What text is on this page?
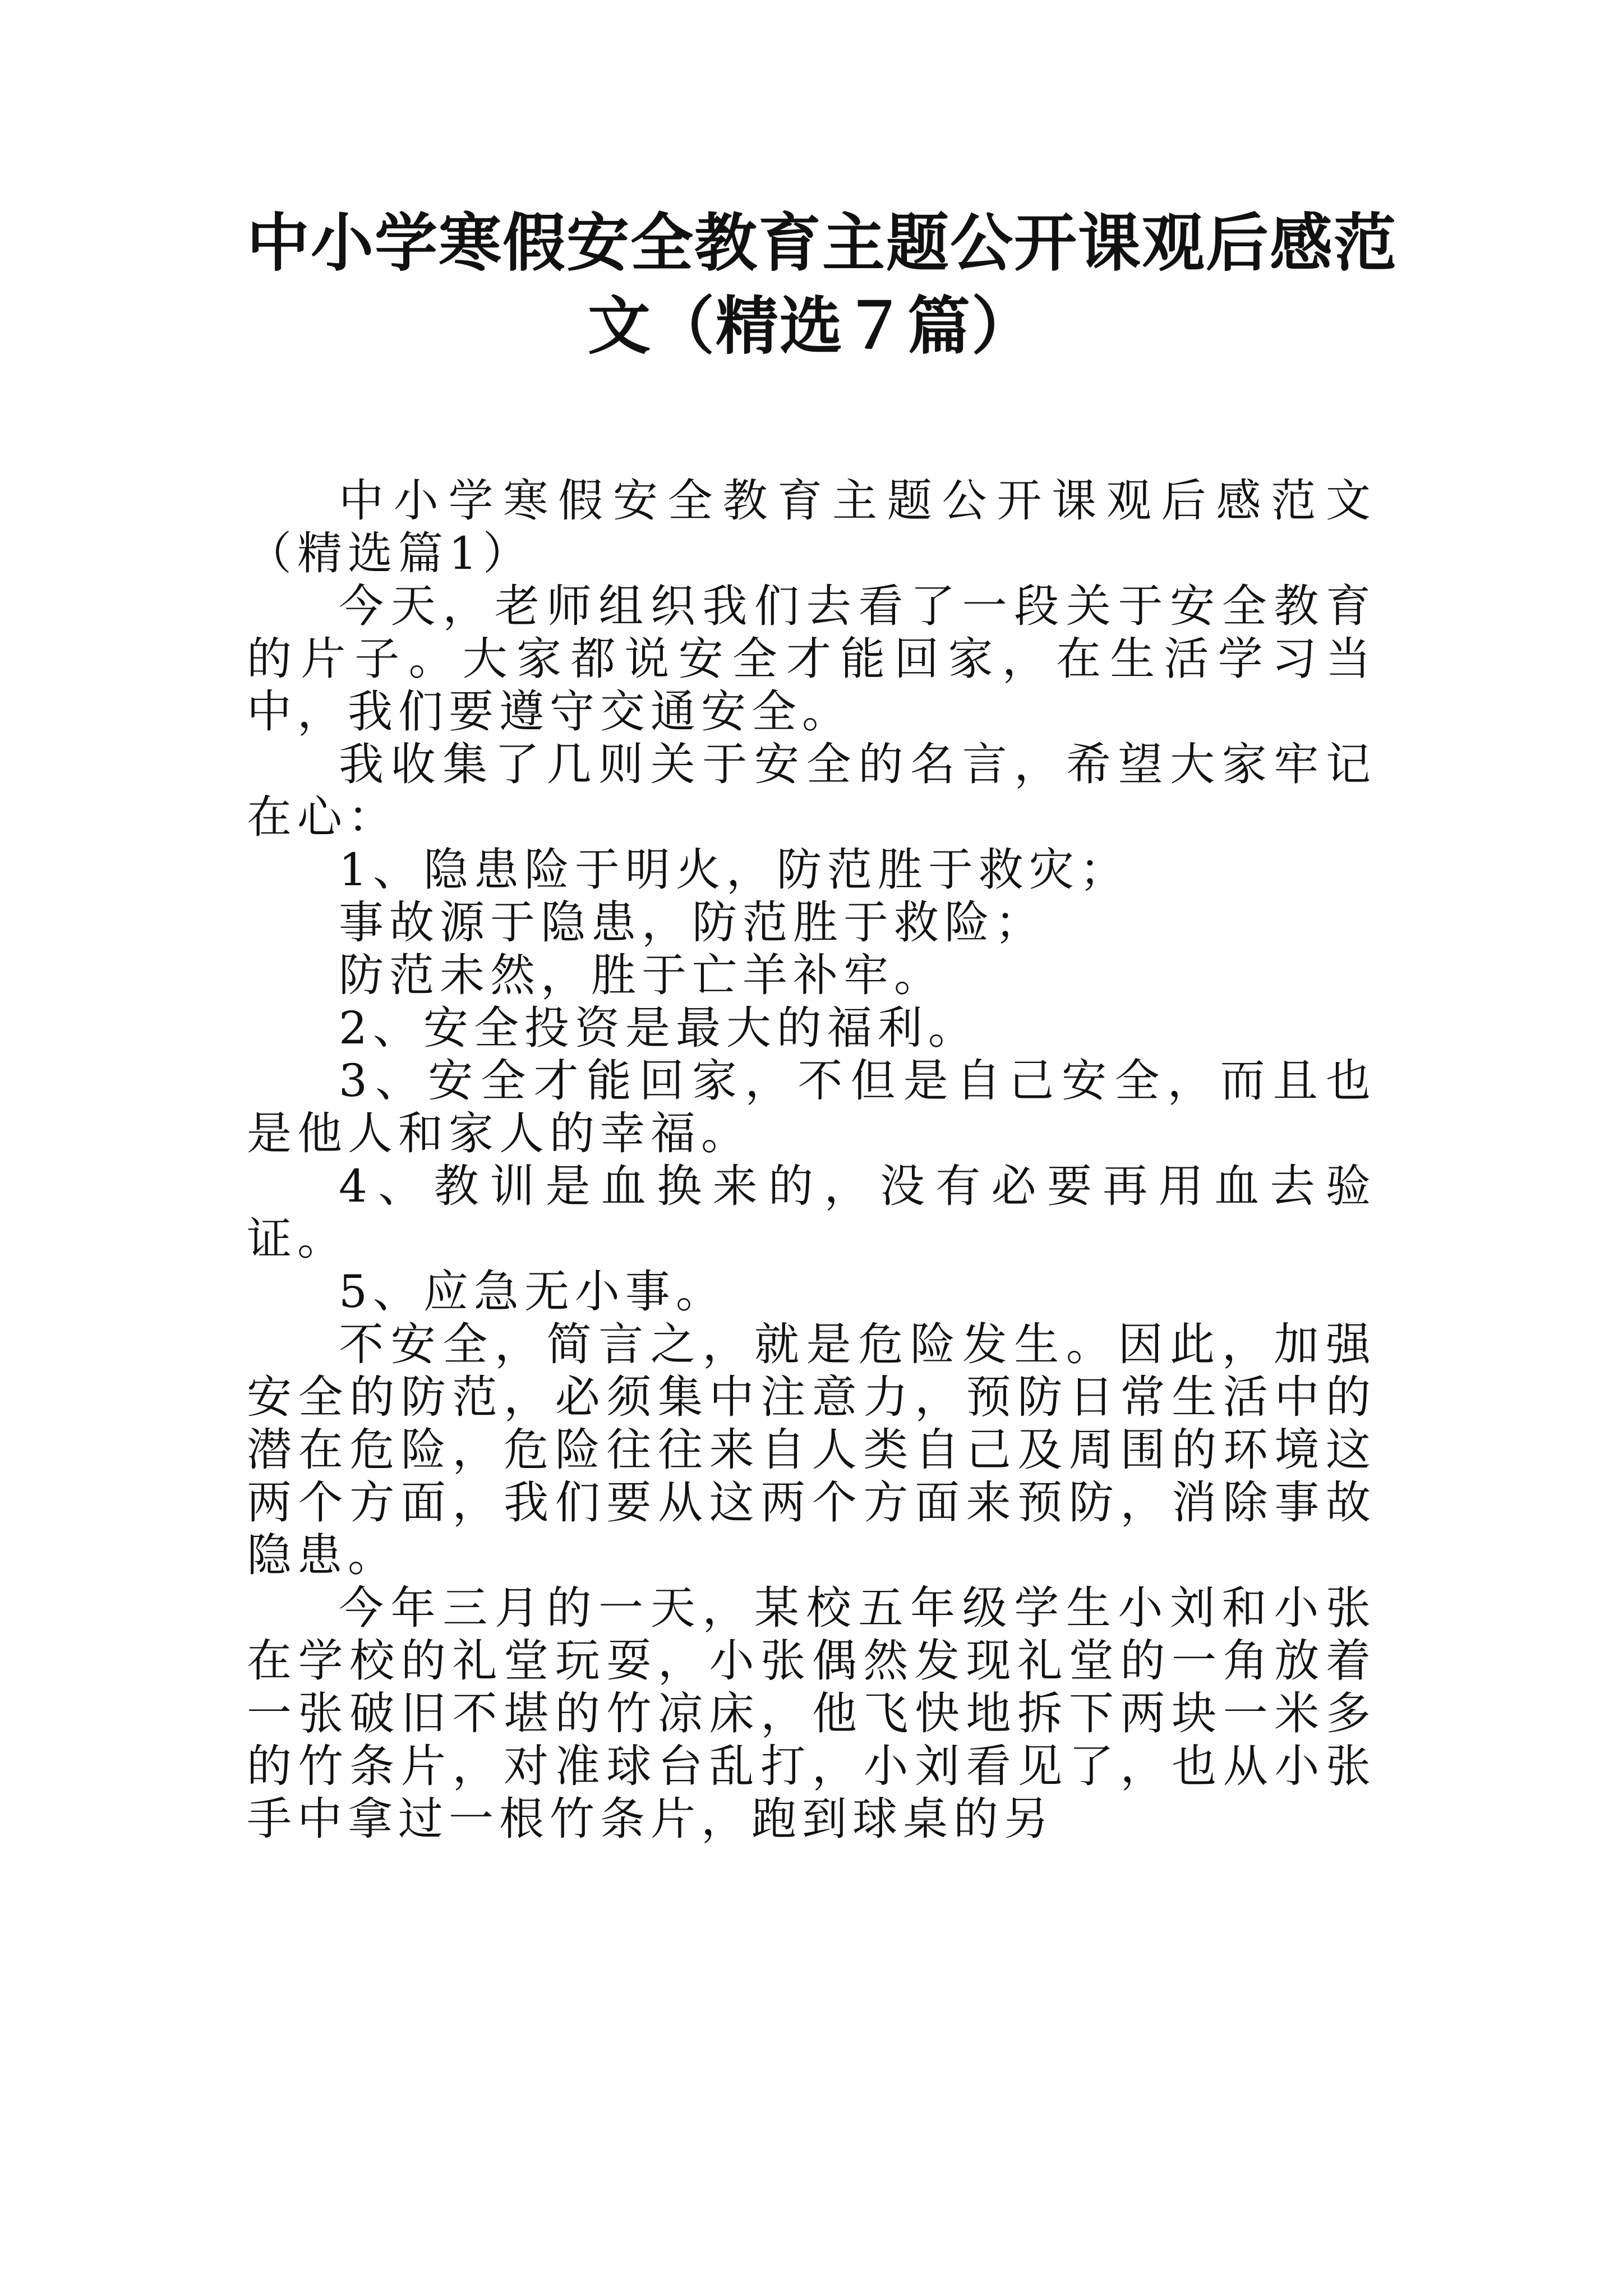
中小学寒假安全教育主题公开课观后感范
文（精选７篇）

中小学寒假安全教育主题公开课观后感范文（精选篇1）

今天，老师组织我们去看了一段关于安全教育的片子。大家都说安全才能回家，在生活学习当中，我们要遵守交通安全。

我收集了几则关于安全的名言，希望大家牢记在心：

1、隐患险于明火，防范胜于救灾；

事故源于隐患，防范胜于救险；

防范未然，胜于亡羊补牢。

2、安全投资是最大的福利。

3、安全才能回家，不但是自己安全，而且也是他人和家人的幸福。

4、教训是血换来的，没有必要再用血去验证。

5、应急无小事。

不安全，简言之，就是危险发生。因此，加强安全的防范，必须集中注意力，预防日常生活中的潜在危险，危险往往来自人类自己及周围的环境这两个方面，我们要从这两个方面来预防，消除事故隐患。

今年三月的一天，某校五年级学生小刘和小张在学校的礼堂玩耍，小张偶然发现礼堂的一角放着一张破旧不堪的竹凉床，他飞快地拆下两块一米多的竹条片，对准球台乱打，小刘看见了，也从小张手中拿过一根竹条片，跑到球桌的另
